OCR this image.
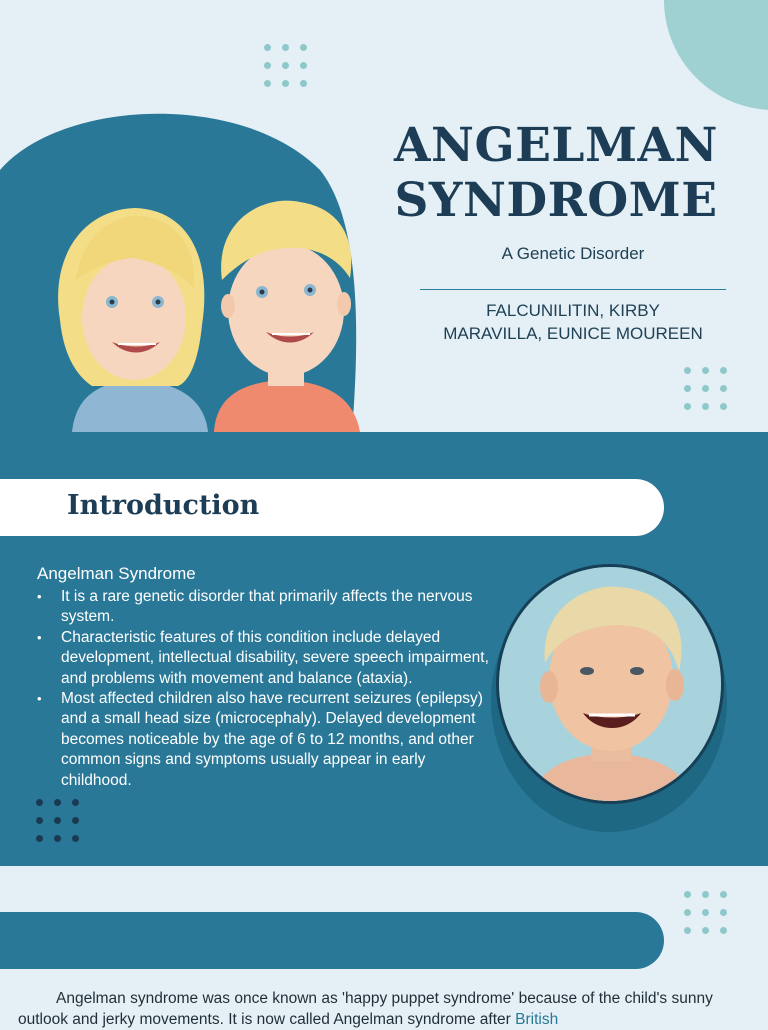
ANGELMAN
SYNDROME
A Genetic Disorder
FALCUNILITIN, KIRBY
MARAVILLA, EUNICE MOUREEN
Introduction
Angelman Syndrome
• It is a rare genetic disorder that primarily affects the nervous system.
• Characteristic features of this condition include delayed development, intellectual disability, severe speech impairment, and problems with movement and balance (ataxia).
• Most affected children also have recurrent seizures (epilepsy) and a small head size (microcephaly). Delayed development becomes noticeable by the age of 6 to 12 months, and other common signs and symptoms usually appear in early childhood.
Angelman syndrome was once known as 'happy puppet syndrome' because of the child's sunny outlook and jerky movements. It is now called Angelman syndrome after British
